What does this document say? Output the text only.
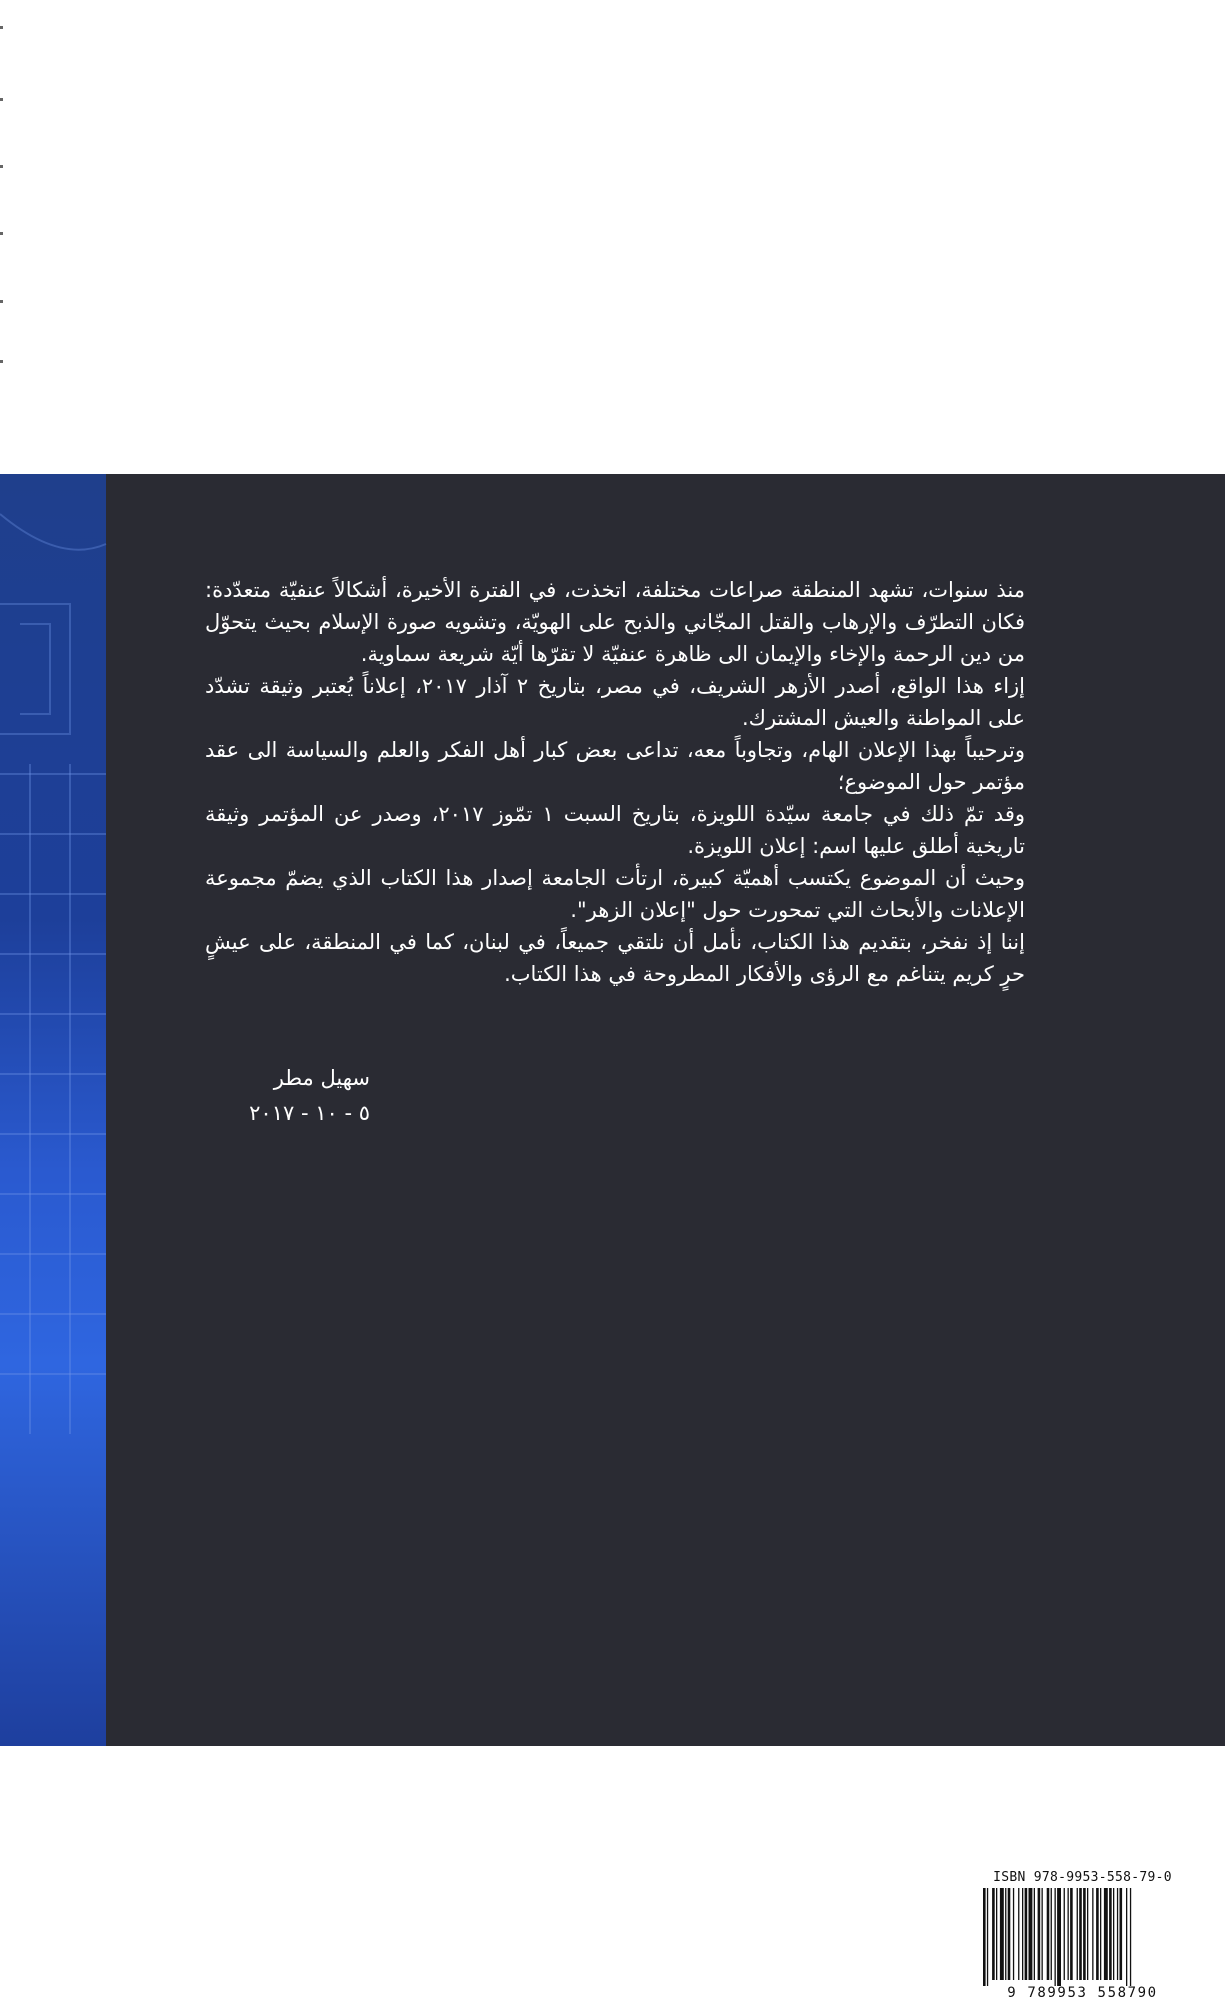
منذ سنوات، تشهد المنطقة صراعات مختلفة، اتخذت، في الفترة الأخيرة، أشكالاً عنفيّة متعدّدة: فكان التطرّف والإرهاب والقتل المجّاني والذبح على الهويّة، وتشويه صورة الإسلام بحيث يتحوّل من دين الرحمة والإخاء والإيمان الى ظاهرة عنفيّة لا تقرّها أيّة شريعة سماوية.

إزاء هذا الواقع، أصدر الأزهر الشريف، في مصر، بتاريخ ٢ آذار ٢٠١٧، إعلاناً يُعتبر وثيقة تشدّد على المواطنة والعيش المشترك.

وترحيباً بهذا الإعلان الهام، وتجاوباً معه، تداعى بعض كبار أهل الفكر والعلم والسياسة الى عقد مؤتمر حول الموضوع؛

وقد تمّ ذلك في جامعة سيّدة اللويزة، بتاريخ السبت ١ تمّوز ٢٠١٧، وصدر عن المؤتمر وثيقة تاريخية أطلق عليها اسم: إعلان اللويزة.

وحيث أن الموضوع يكتسب أهميّة كبيرة، ارتأت الجامعة إصدار هذا الكتاب الذي يضمّ مجموعة الإعلانات والأبحاث التي تمحورت حول "إعلان الزهر".

إننا إذ نفخر، بتقديم هذا الكتاب، نأمل أن نلتقي جميعاً، في لبنان، كما في المنطقة، على عيشٍ حرٍ كريم يتناغم مع الرؤى والأفكار المطروحة في هذا الكتاب.

سهيل مطر
٥ - ١٠ - ٢٠١٧
ISBN 978-9953-558-79-0
9 789953 558790
